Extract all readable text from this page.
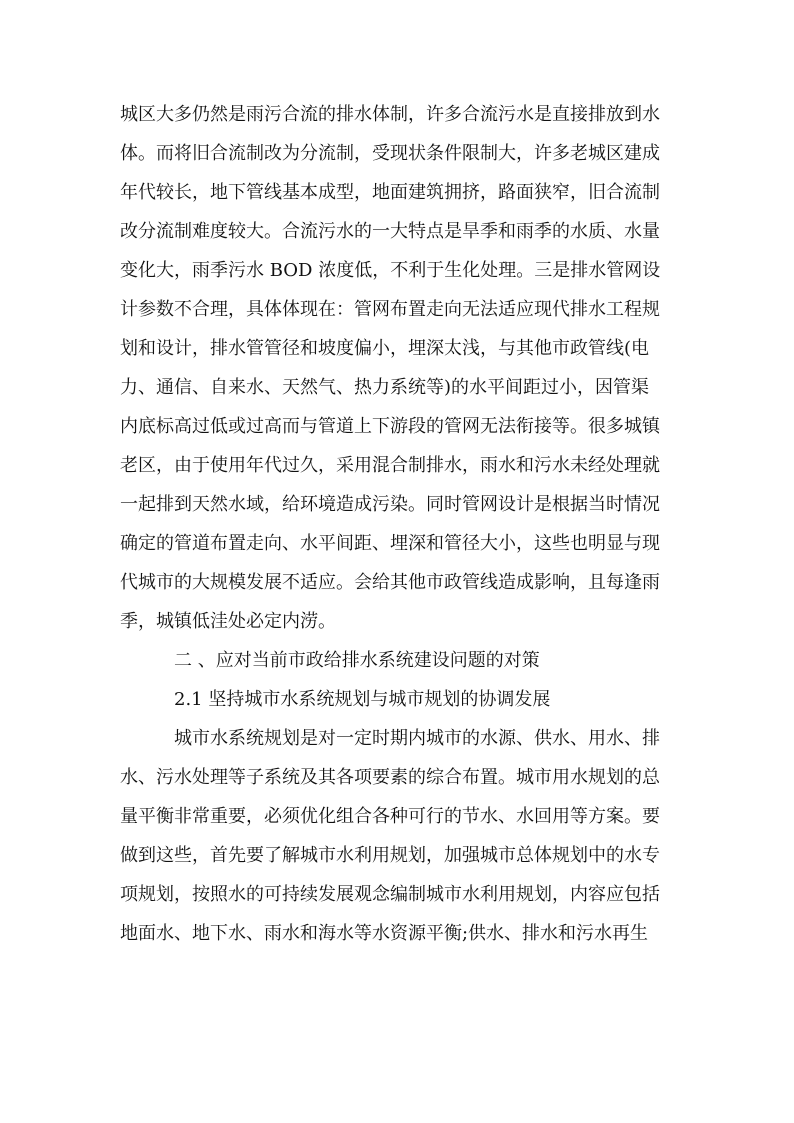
城区大多仍然是雨污合流的排水体制，许多合流污水是直接排放到水
体。而将旧合流制改为分流制，受现状条件限制大，许多老城区建成
年代较长，地下管线基本成型，地面建筑拥挤，路面狭窄，旧合流制
改分流制难度较大。合流污水的一大特点是旱季和雨季的水质、水量
变化大，雨季污水 BOD 浓度低，不利于生化处理。三是排水管网设
计参数不合理，具体体现在：管网布置走向无法适应现代排水工程规
划和设计，排水管管径和坡度偏小，埋深太浅，与其他市政管线(电
力、通信、自来水、天然气、热力系统等)的水平间距过小，因管渠
内底标高过低或过高而与管道上下游段的管网无法衔接等。很多城镇
老区，由于使用年代过久，采用混合制排水，雨水和污水未经处理就
一起排到天然水域，给环境造成污染。同时管网设计是根据当时情况
确定的管道布置走向、水平间距、埋深和管径大小，这些也明显与现
代城市的大规模发展不适应。会给其他市政管线造成影响，且每逢雨
季，城镇低洼处必定内涝。
二 、应对当前市政给排水系统建设问题的对策
2.1 坚持城市水系统规划与城市规划的协调发展
城市水系统规划是对一定时期内城市的水源、供水、用水、排
水、污水处理等子系统及其各项要素的综合布置。城市用水规划的总
量平衡非常重要，必须优化组合各种可行的节水、水回用等方案。要
做到这些，首先要了解城市水利用规划，加强城市总体规划中的水专
项规划，按照水的可持续发展观念编制城市水利用规划，内容应包括
地面水、地下水、雨水和海水等水资源平衡;供水、排水和污水再生
